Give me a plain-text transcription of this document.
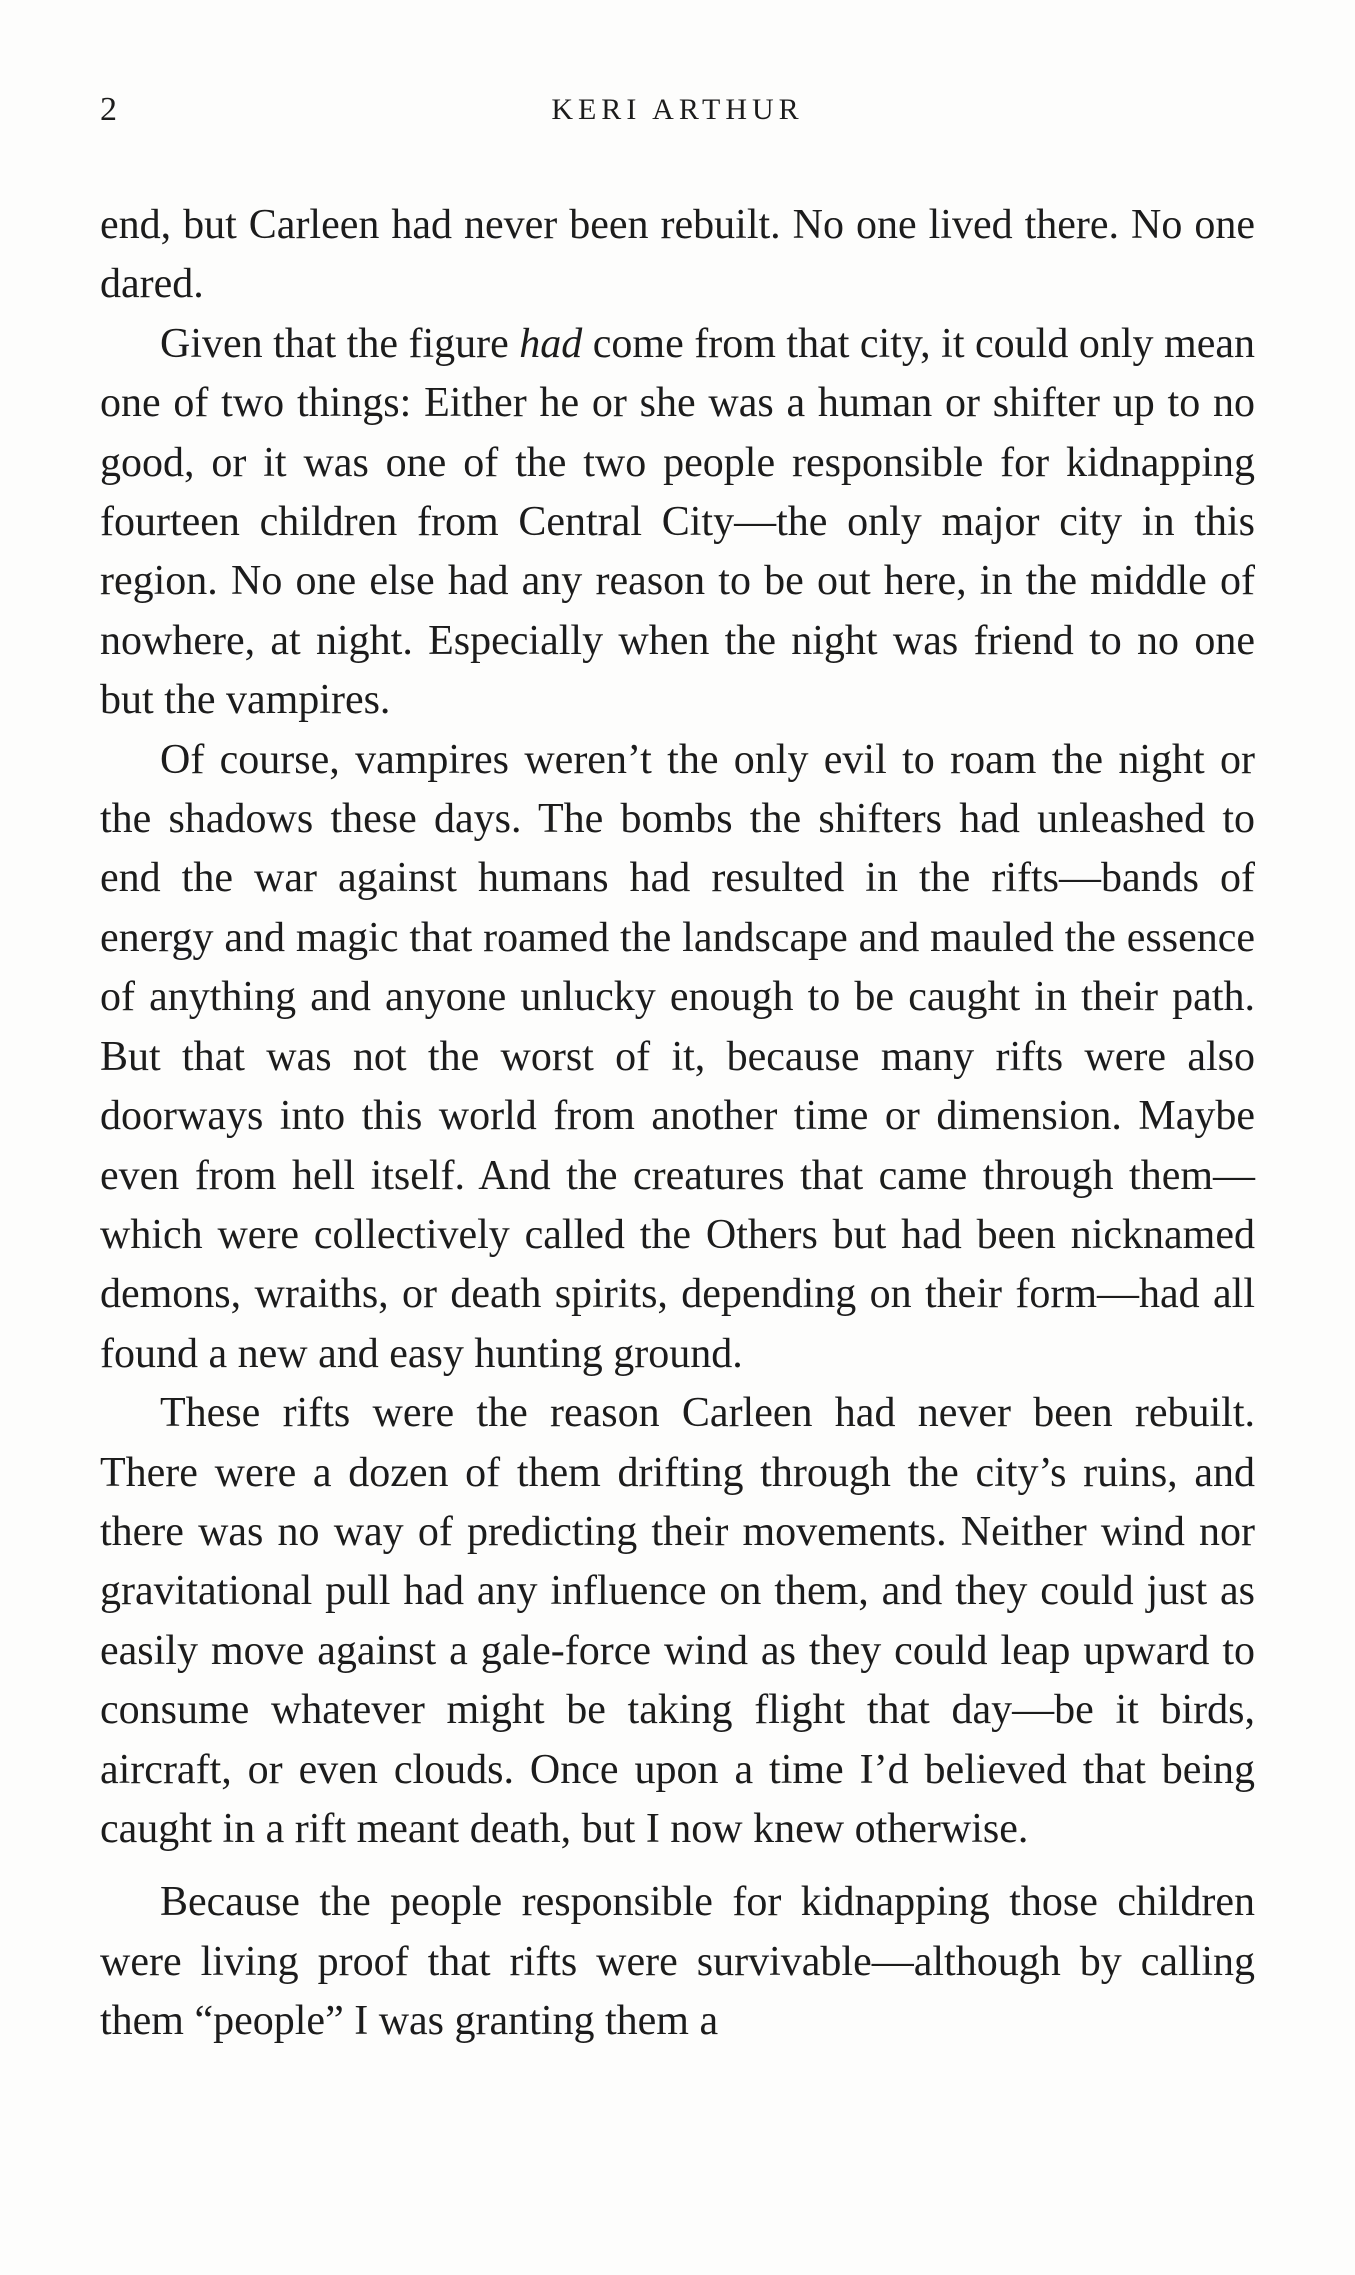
2	KERI ARTHUR

end, but Carleen had never been rebuilt. No one lived there. No one dared.

Given that the figure had come from that city, it could only mean one of two things: Either he or she was a human or shifter up to no good, or it was one of the two people responsible for kidnapping fourteen children from Central City—the only major city in this region. No one else had any reason to be out here, in the middle of nowhere, at night. Especially when the night was friend to no one but the vampires.

Of course, vampires weren’t the only evil to roam the night or the shadows these days. The bombs the shifters had unleashed to end the war against humans had resulted in the rifts—bands of energy and magic that roamed the landscape and mauled the essence of anything and anyone unlucky enough to be caught in their path. But that was not the worst of it, because many rifts were also doorways into this world from another time or dimension. Maybe even from hell itself. And the creatures that came through them—which were collectively called the Others but had been nicknamed demons, wraiths, or death spirits, depending on their form—had all found a new and easy hunting ground.

These rifts were the reason Carleen had never been rebuilt. There were a dozen of them drifting through the city’s ruins, and there was no way of predicting their movements. Neither wind nor gravitational pull had any influence on them, and they could just as easily move against a gale-force wind as they could leap upward to consume whatever might be taking flight that day—be it birds, aircraft, or even clouds. Once upon a time I’d believed that being caught in a rift meant death, but I now knew otherwise.

Because the people responsible for kidnapping those children were living proof that rifts were survivable—although by calling them “people” I was granting them a
